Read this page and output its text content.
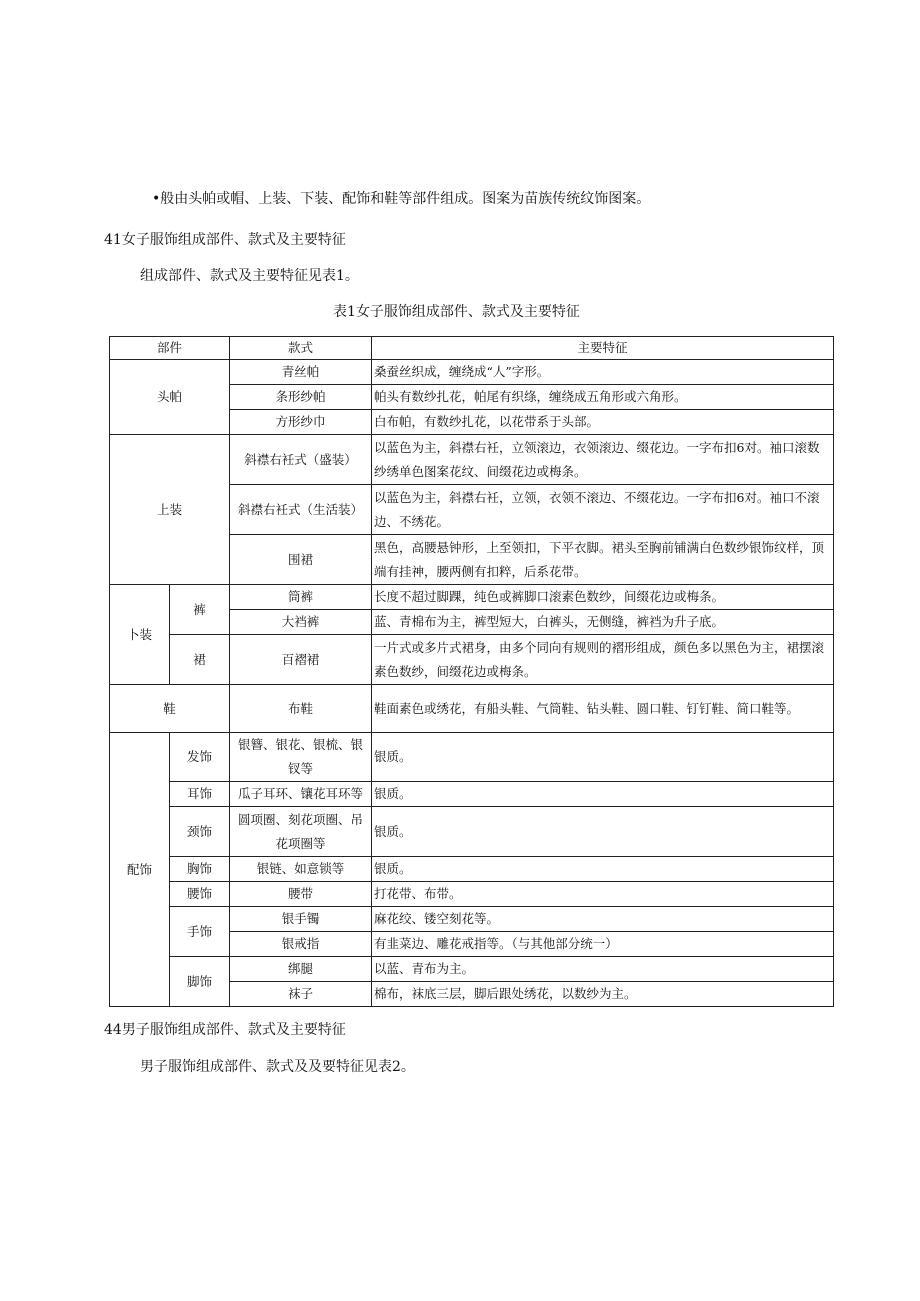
•般由头帕或帽、上装、下装、配饰和鞋等部件组成。图案为苗族传统纹饰图案。
41女子服饰组成部件、款式及主要特征
组成部件、款式及主要特征见表1。
表1女子服饰组成部件、款式及主要特征
部件		款式	主要特征
头帕		青丝帕	桑蚕丝织成，缠绕成“人”字形。
		条形纱帕	帕头有数纱扎花，帕尾有织绦，缠绕成五角形或六角形。
		方形纱巾	白布帕，有数纱扎花，以花带系于头部。
上装		斜襟右衽式（盛装）	以蓝色为主，斜襟右衽，立领滚边，衣领滚边、缀花边。一字布扣6对。袖口滚数纱绣单色图案花纹、间缀花边或梅条。
		斜襟右衽式（生活装）	以蓝色为主，斜襟右衽，立领，衣领不滚边、不缀花边。一字布扣6对。袖口不滚边、不绣花。
		围裙	黑色，高腰悬钟形，上至领扣，下平衣脚。裙头至胸前铺满白色数纱银饰纹样，顶端有挂神，腰两侧有扣粹，后系花带。
卜装	裤	筒裤	长度不超过脚踝，纯色或裤脚口滚素色数纱，间缀花边或梅条。
		大裆裤	蓝、青棉布为主，裤型短大，白裤头，无侧缝，裤裆为升子底。
	裙	百褶裙	一片式或多片式裙身，由多个同向有规则的褶形组成，颜色多以黑色为主，裙摆滚素色数纱，间缀花边或梅条。
鞋		布鞋	鞋面素色或绣花，有船头鞋、气筒鞋、钻头鞋、圆口鞋、钉钉鞋、简口鞋等。
配饰	发饰	银簪、银花、银梳、银钗等	银质。
	耳饰	瓜子耳环、镶花耳环等	银质。
	颈饰	圆项圈、刻花项圈、吊花项圈等	银质。
	胸饰	银链、如意锁等	银质。
	腰饰	腰带	打花带、布带。
	手饰	银手镯	麻花绞、镂空刻花等。
		银戒指	有韭菜边、雕花戒指等。（与其他部分统一）
	脚饰	绑腿	以蓝、青布为主。
		袜子	棉布，袜底三层，脚后跟处绣花，以数纱为主。
44男子服饰组成部件、款式及主要特征
男子服饰组成部件、款式及及要特征见表2。
